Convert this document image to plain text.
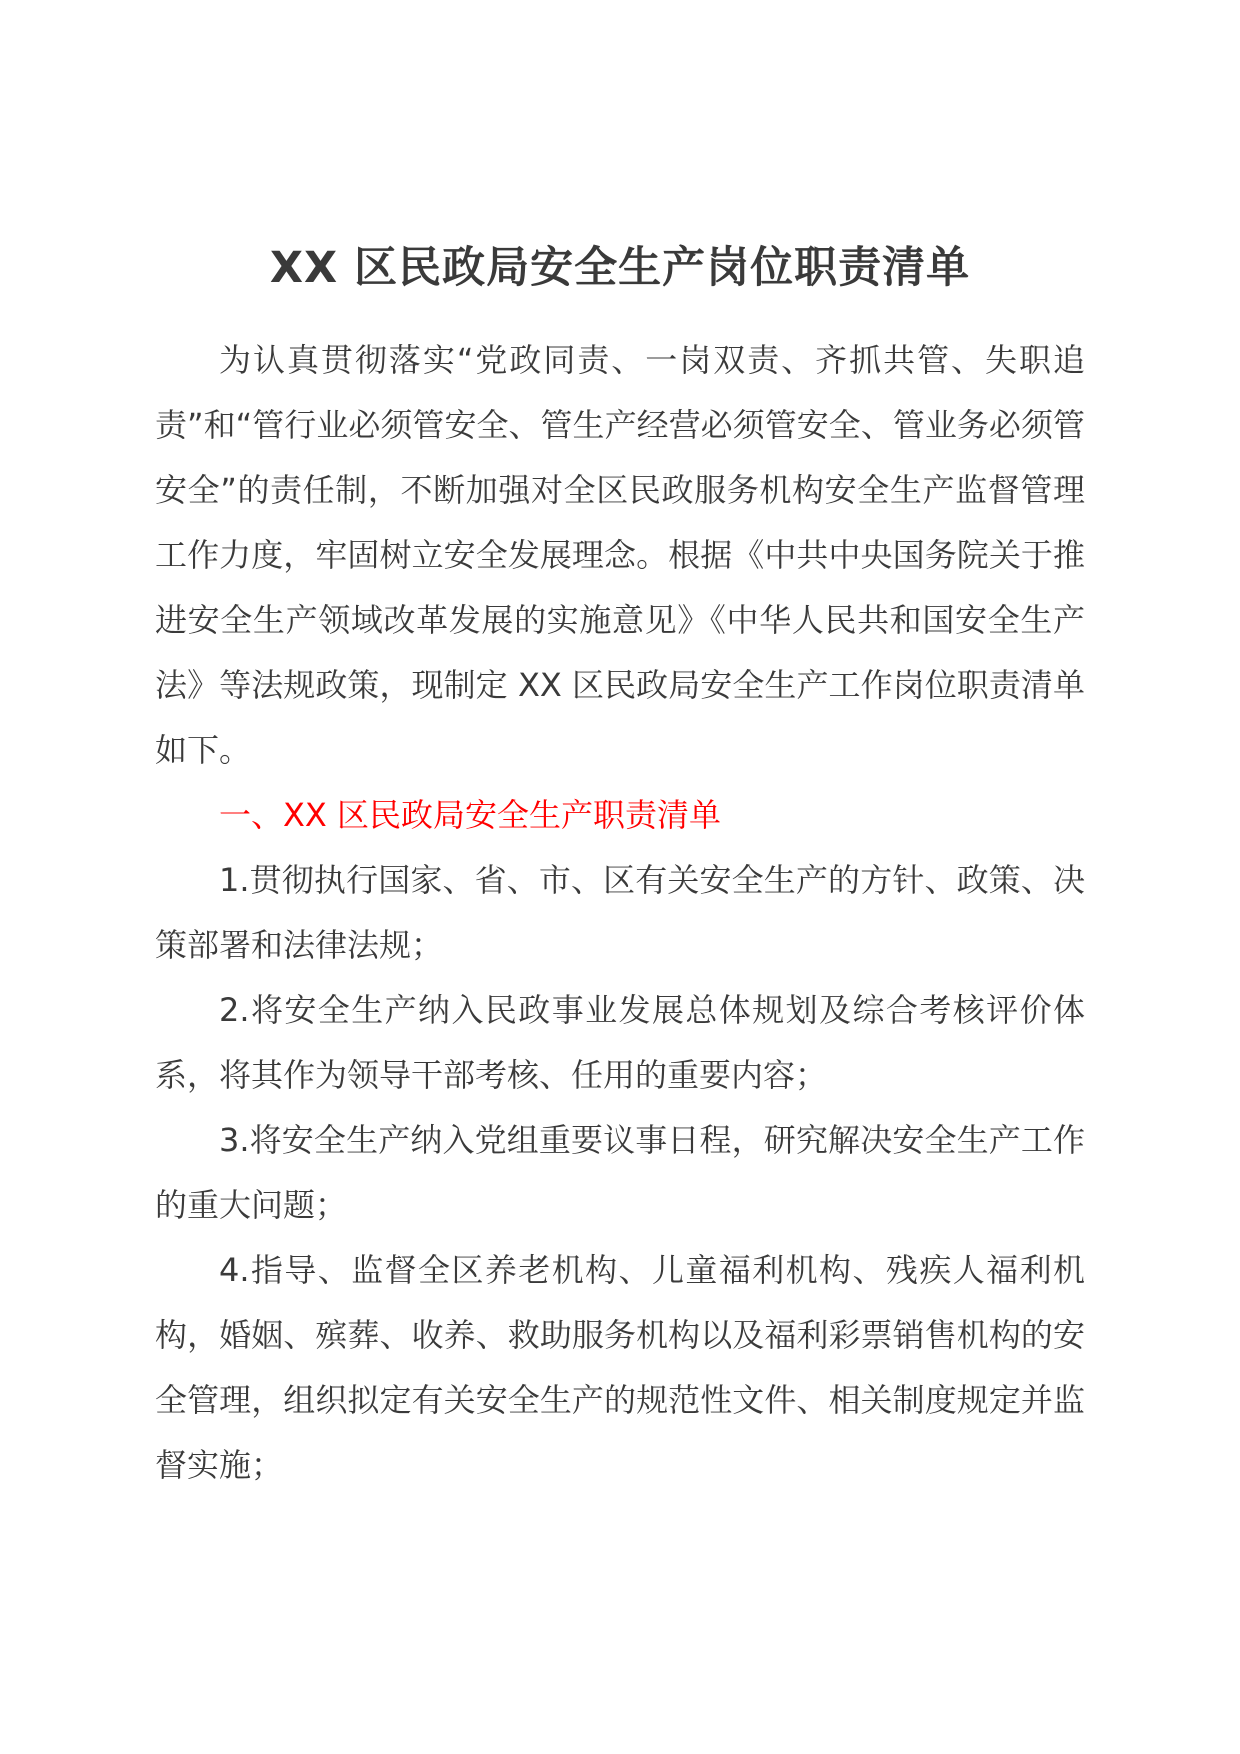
XX 区民政局安全生产岗位职责清单

为认真贯彻落实“党政同责、一岗双责、齐抓共管、失职追责”和“管行业必须管安全、管生产经营必须管安全、管业务必须管安全”的责任制，不断加强对全区民政服务机构安全生产监督管理工作力度，牢固树立安全发展理念。根据《中共中央国务院关于推进安全生产领域改革发展的实施意见》《中华人民共和国安全生产法》等法规政策，现制定 XX 区民政局安全生产工作岗位职责清单如下。

一、XX 区民政局安全生产职责清单

1.贯彻执行国家、省、市、区有关安全生产的方针、政策、决策部署和法律法规；

2.将安全生产纳入民政事业发展总体规划及综合考核评价体系，将其作为领导干部考核、任用的重要内容；

3.将安全生产纳入党组重要议事日程，研究解决安全生产工作的重大问题；

4.指导、监督全区养老机构、儿童福利机构、残疾人福利机构，婚姻、殡葬、收养、救助服务机构以及福利彩票销售机构的安全管理，组织拟定有关安全生产的规范性文件、相关制度规定并监督实施；
